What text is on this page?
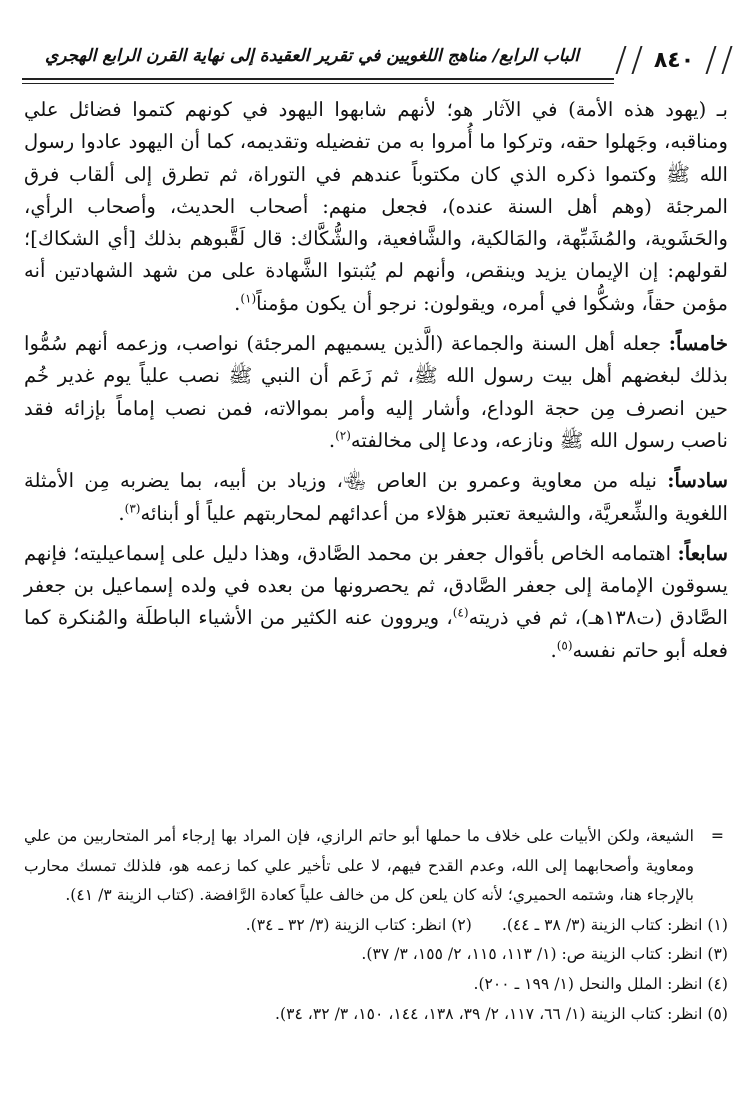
٨٤٠
الباب الرابع/ مناهج اللغويين في تقرير العقيدة إلى نهاية القرن الرابع الهجري

بـ (يهود هذه الأمة) في الآثار هو؛ لأنهم شابهوا اليهود في كونهم كتموا فضائل علي ومناقبه، وجَهلوا حقه، وتركوا ما أُمروا به من تفضيله وتقديمه، كما أن اليهود عادوا رسول الله ﷺ وكتموا ذكره الذي كان مكتوباً عندهم في التوراة، ثم تطرق إلى ألقاب فرق المرجئة (وهم أهل السنة عنده)، فجعل منهم: أصحاب الحديث، وأصحاب الرأي، والحَشَوية، والمُشَبِّهة، والمَالكية، والشَّافعية، والشُّكَّاك: قال لَقَّبوهم بذلك [أي الشكاك]؛ لقولهم: إن الإيمان يزيد وينقص، وأنهم لم يُثبتوا الشَّهادة على من شهد الشهادتين أنه مؤمن حقاً، وشكُّوا في أمره، ويقولون: نرجو أن يكون مؤمناً$^{(١)}$.

خامساً: جعله أهل السنة والجماعة (الَّذين يسميهم المرجئة) نواصب، وزعمه أنهم سُمُّوا بذلك لبغضهم أهل بيت رسول الله ﷺ، ثم زَعَم أن النبي ﷺ نصب علياً يوم غدير خُم حين انصرف مِن حجة الوداع، وأشار إليه وأمر بموالاته، فمن نصب إماماً بإزائه فقد ناصب رسول الله ﷺ ونازعه، ودعا إلى مخالفته$^{(٢)}$.

سادساً: نيله من معاوية وعمرو بن العاص ﵄، وزياد بن أبيه، بما يضربه مِن الأمثلة اللغوية والشِّعريَّة، والشيعة تعتبر هؤلاء من أعدائهم لمحاربتهم علياً أو أبنائه$^{(٣)}$.

سابعاً: اهتمامه الخاص بأقوال جعفر بن محمد الصَّادق، وهذا دليل على إسماعيليته؛ فإنهم يسوقون الإمامة إلى جعفر الصَّادق، ثم يحصرونها من بعده في ولده إسماعيل بن جعفر الصَّادق (ت١٣٨هـ)، ثم في ذريته$^{(٤)}$، ويروون عنه الكثير من الأشياء الباطلَة والمُنكرة كما فعله أبو حاتم نفسه$^{(٥)}$.

=
الشيعة، ولكن الأبيات على خلاف ما حملها أبو حاتم الرازي، فإن المراد بها إرجاء أمر المتحاربين من علي ومعاوية وأصحابهما إلى الله، وعدم القدح فيهم، لا على تأخير علي كما زعمه هو، فلذلك تمسك محارب بالإرجاء هنا، وشتمه الحميري؛ لأنه كان يلعن كل من خالف علياً كعادة الرَّافضة. (كتاب الزينة ٣/ ٤١).
(١) انظر: كتاب الزينة (٣/ ٣٨ ـ ٤٤).
(٢) انظر: كتاب الزينة (٣/ ٣٢ ـ ٣٤).
(٣) انظر: كتاب الزينة ص: (١/ ١١٣، ١١٥، ٢/ ١٥٥، ٣/ ٣٧).
(٤) انظر: الملل والنحل (١/ ١٩٩ ـ ٢٠٠).
(٥) انظر: كتاب الزينة (١/ ٦٦، ١١٧، ٢/ ٣٩، ١٣٨، ١٤٤، ١٥٠، ٣/ ٣٢، ٣٤).
